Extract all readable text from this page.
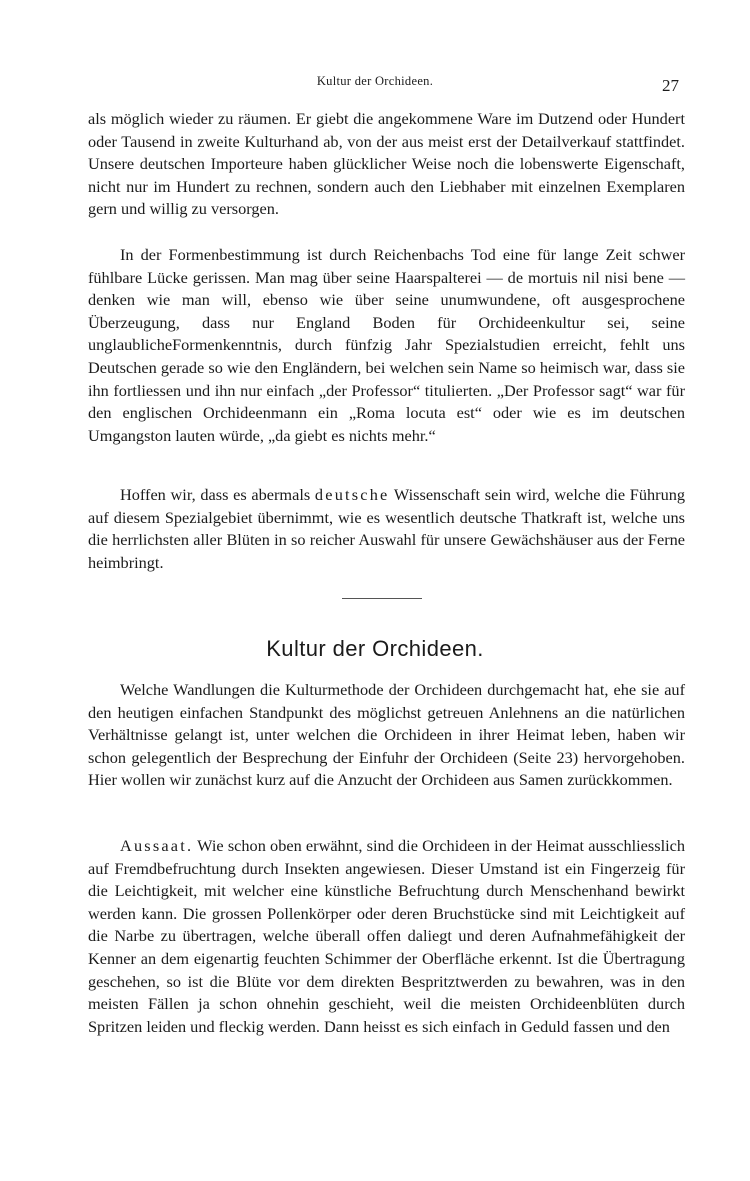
Kultur der Orchideen.	27

als möglich wieder zu räumen. Er giebt die angekommene Ware im Dutzend oder Hundert oder Tausend in zweite Kulturhand ab, von der aus meist erst der Detailverkauf stattfindet. Unsere deutschen Importeure haben glücklicher Weise noch die lobenswerte Eigenschaft, nicht nur im Hundert zu rechnen, sondern auch den Liebhaber mit einzelnen Exemplaren gern und willig zu versorgen.

In der Formenbestimmung ist durch Reichenbachs Tod eine für lange Zeit schwer fühlbare Lücke gerissen. Man mag über seine Haarspalterei — de mortuis nil nisi bene — denken wie man will, ebenso wie über seine unumwundene, oft ausgesprochene Überzeugung, dass nur England Boden für Orchideenkultur sei, seine unglaublicheFormenkenntnis, durch fünfzig Jahr Spezialstudien erreicht, fehlt uns Deutschen gerade so wie den Engländern, bei welchen sein Name so heimisch war, dass sie ihn fortliessen und ihn nur einfach „der Professor“ titulierten. „Der Professor sagt“ war für den englischen Orchideenmann ein „Roma locuta est“ oder wie es im deutschen Umgangston lauten würde, „da giebt es nichts mehr.“

Hoffen wir, dass es abermals deutsche Wissenschaft sein wird, welche die Führung auf diesem Spezialgebiet übernimmt, wie es wesentlich deutsche Thatkraft ist, welche uns die herrlichsten aller Blüten in so reicher Auswahl für unsere Gewächshäuser aus der Ferne heimbringt.

Kultur der Orchideen.

Welche Wandlungen die Kulturmethode der Orchideen durchgemacht hat, ehe sie auf den heutigen einfachen Standpunkt des möglichst getreuen Anlehnens an die natürlichen Verhältnisse gelangt ist, unter welchen die Orchideen in ihrer Heimat leben, haben wir schon gelegentlich der Besprechung der Einfuhr der Orchideen (Seite 23) hervorgehoben. Hier wollen wir zunächst kurz auf die Anzucht der Orchideen aus Samen zurückkommen.

Aussaat. Wie schon oben erwähnt, sind die Orchideen in der Heimat ausschliesslich auf Fremdbefruchtung durch Insekten angewiesen. Dieser Umstand ist ein Fingerzeig für die Leichtigkeit, mit welcher eine künstliche Befruchtung durch Menschenhand bewirkt werden kann. Die grossen Pollenkörper oder deren Bruchstücke sind mit Leichtigkeit auf die Narbe zu übertragen, welche überall offen daliegt und deren Aufnahmefähigkeit der Kenner an dem eigenartig feuchten Schimmer der Oberfläche erkennt. Ist die Übertragung geschehen, so ist die Blüte vor dem direkten Bespritztwerden zu bewahren, was in den meisten Fällen ja schon ohnehin geschieht, weil die meisten Orchideenblüten durch Spritzen leiden und fleckig werden. Dann heisst es sich einfach in Geduld fassen und den
